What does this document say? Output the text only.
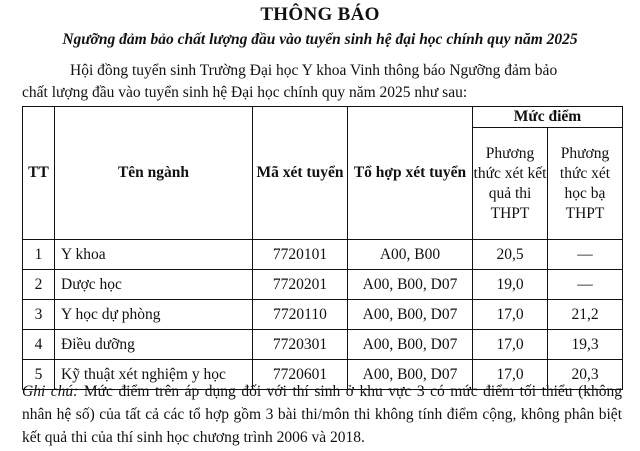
THÔNG BÁO
Ngưỡng đảm bảo chất lượng đầu vào tuyển sinh hệ đại học chính quy năm 2025
Hội đồng tuyển sinh Trường Đại học Y khoa Vinh thông báo Ngưỡng đảm bảo
chất lượng đầu vào tuyển sinh hệ Đại học chính quy năm 2025 như sau:
TT	Tên ngành	Mã xét tuyển	Tổ hợp xét tuyển	Mức điểm	
				Phương thức xét kết quả thi THPT	Phương thức xét học bạ THPT
1	Y khoa	7720101	A00, B00	20,5	—
2	Dược học	7720201	A00, B00, D07	19,0	—
3	Y học dự phòng	7720110	A00, B00, D07	17,0	21,2
4	Điều dưỡng	7720301	A00, B00, D07	17,0	19,3
5	Kỹ thuật xét nghiệm y học	7720601	A00, B00, D07	17,0	20,3
Ghi chú: Mức điểm trên áp dụng đối với thí sinh ở khu vực 3 có mức điểm tối thiểu (không nhân hệ số) của tất cả các tổ hợp gồm 3 bài thi/môn thi không tính điểm cộng, không phân biệt kết quả thi của thí sinh học chương trình 2006 và 2018.
